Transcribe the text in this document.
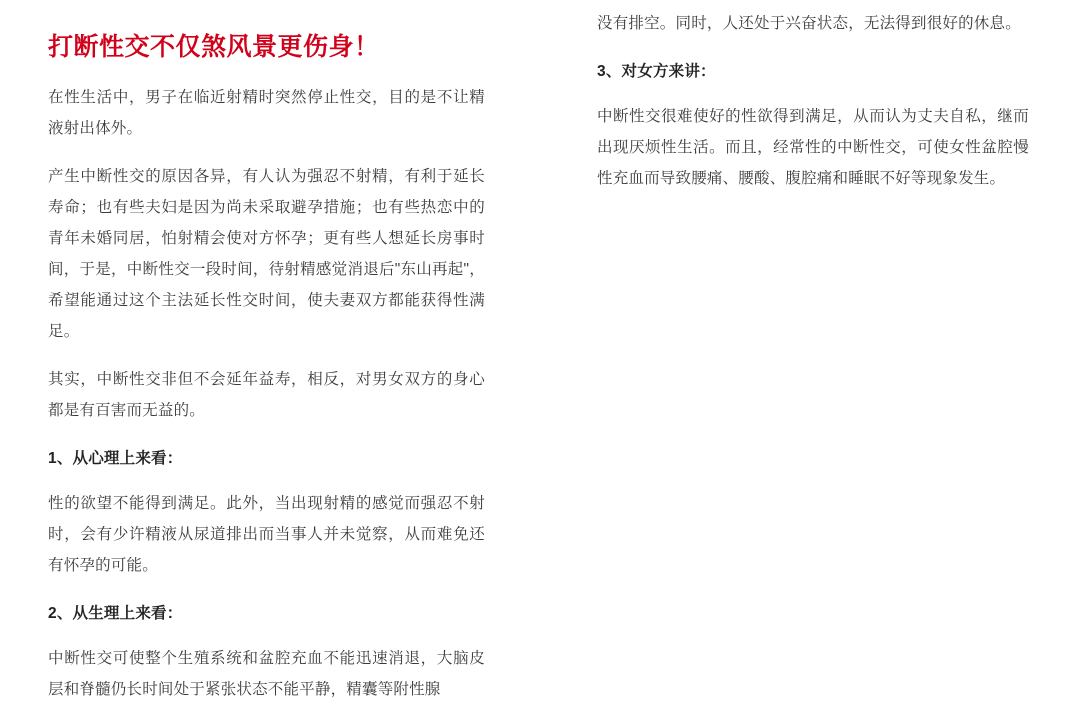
打断性交不仅煞风景更伤身！

在性生活中，男子在临近射精时突然停止性交，目的是不让精液射出体外。

产生中断性交的原因各异，有人认为强忍不射精，有利于延长寿命；也有些夫妇是因为尚未采取避孕措施；也有些热恋中的青年未婚同居，怕射精会使对方怀孕；更有些人想延长房事时间，于是，中断性交一段时间，待射精感觉消退后"东山再起"，希望能通过这个主法延长性交时间，使夫妻双方都能获得性满足。

其实，中断性交非但不会延年益寿，相反，对男女双方的身心都是有百害而无益的。

1、从心理上来看：

性的欲望不能得到满足。此外，当出现射精的感觉而强忍不射时，会有少许精液从尿道排出而当事人并未觉察，从而难免还有怀孕的可能。

2、从生理上来看：

中断性交可使整个生殖系统和盆腔充血不能迅速消退，大脑皮层和脊髓仍长时间处于紧张状态不能平静，精囊等附性腺

没有排空。同时，人还处于兴奋状态，无法得到很好的休息。

3、对女方来讲：

中断性交很难使好的性欲得到满足，从而认为丈夫自私，继而出现厌烦性生活。而且，经常性的中断性交，可使女性盆腔慢性充血而导致腰痛、腰酸、腹腔痛和睡眠不好等现象发生。
